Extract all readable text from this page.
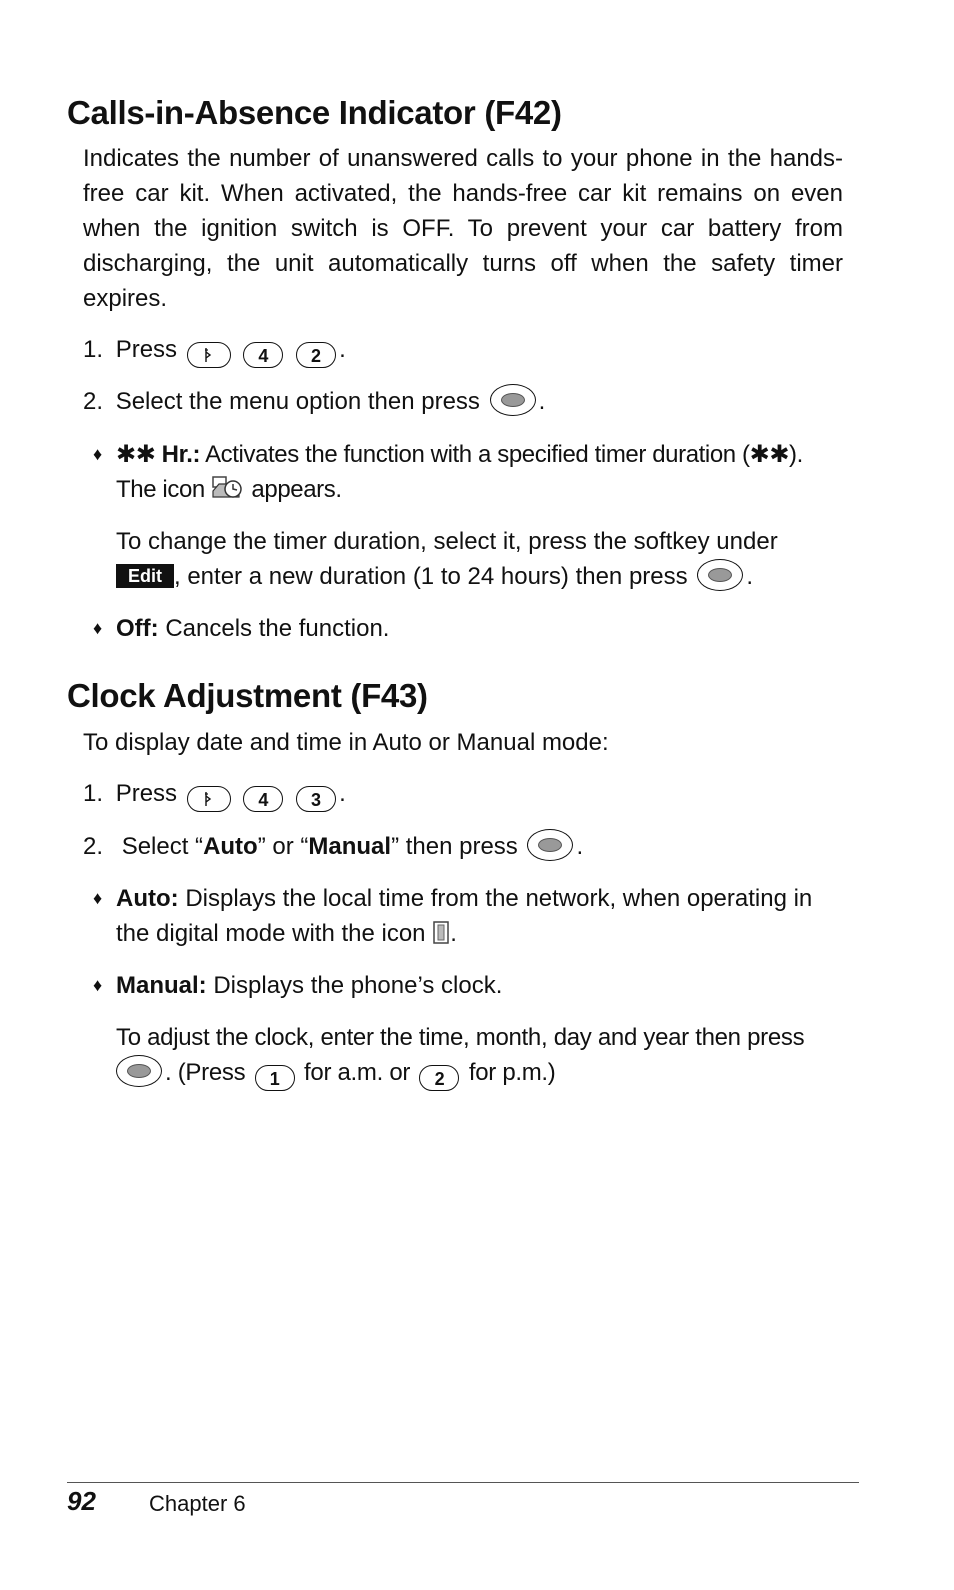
Calls-in-Absence Indicator (F42)

Indicates the number of unanswered calls to your phone in the hands-free car kit. When activated, the hands-free car kit remains on even when the ignition switch is OFF. To prevent your car battery from discharging, the unit automatically turns off when the safety timer expires.

1. Press	4 2 .
2. Select the menu option then press .
♦ ✱✱ Hr.: Activates the function with a specified timer duration (✱✱).
The icon appears.
To change the timer duration, select it, press the softkey under
Edit , enter a new duration (1 to 24 hours) then press .
♦ Off: Cancels the function.
Clock Adjustment (F43)

To display date and time in Auto or Manual mode:

1. Press	4 3 .
2. Select “Auto” or “Manual” then press .
♦ Auto: Displays the local time from the network, when operating in the digital mode with the icon .
♦ Manual: Displays the phone’s clock.
To adjust the clock, enter the time, month, day and year then press
. (Press 1 for a.m. or 2 for p.m.)
92 Chapter 6
